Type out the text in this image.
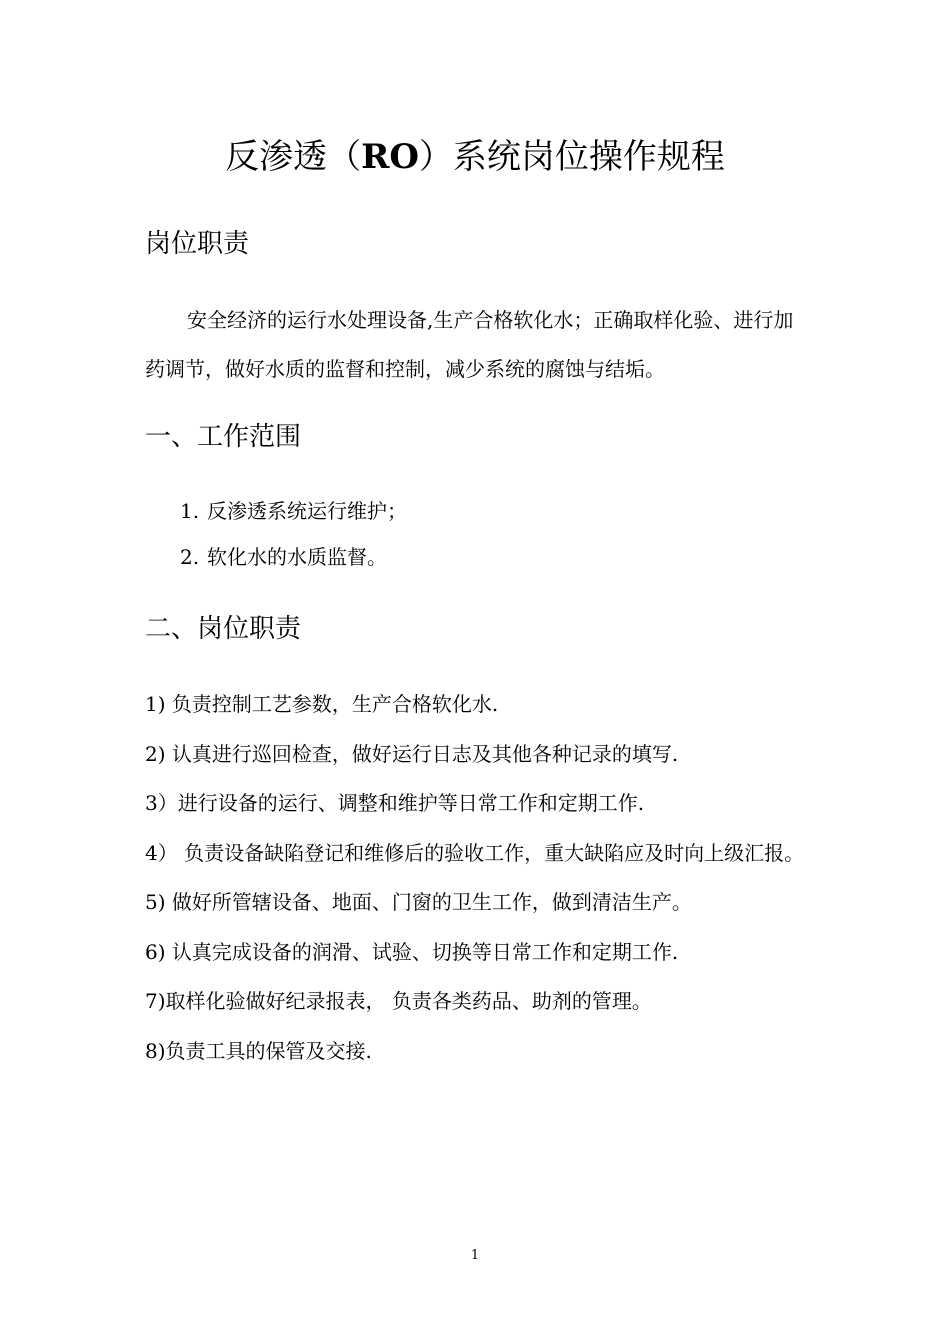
反渗透（RO）系统岗位操作规程
岗位职责
安全经济的运行水处理设备,生产合格软化水；正确取样化验、进行加药调节，做好水质的监督和控制，减少系统的腐蚀与结垢。
一、工作范围
1. 反渗透系统运行维护；
2. 软化水的水质监督。
二、岗位职责
1) 负责控制工艺参数，生产合格软化水.
2) 认真进行巡回检查，做好运行日志及其他各种记录的填写.
3）进行设备的运行、调整和维护等日常工作和定期工作.
4） 负责设备缺陷登记和维修后的验收工作，重大缺陷应及时向上级汇报。
5) 做好所管辖设备、地面、门窗的卫生工作，做到清洁生产。
6) 认真完成设备的润滑、试验、切换等日常工作和定期工作.
7)取样化验做好纪录报表， 负责各类药品、助剂的管理。
8)负责工具的保管及交接.
1
